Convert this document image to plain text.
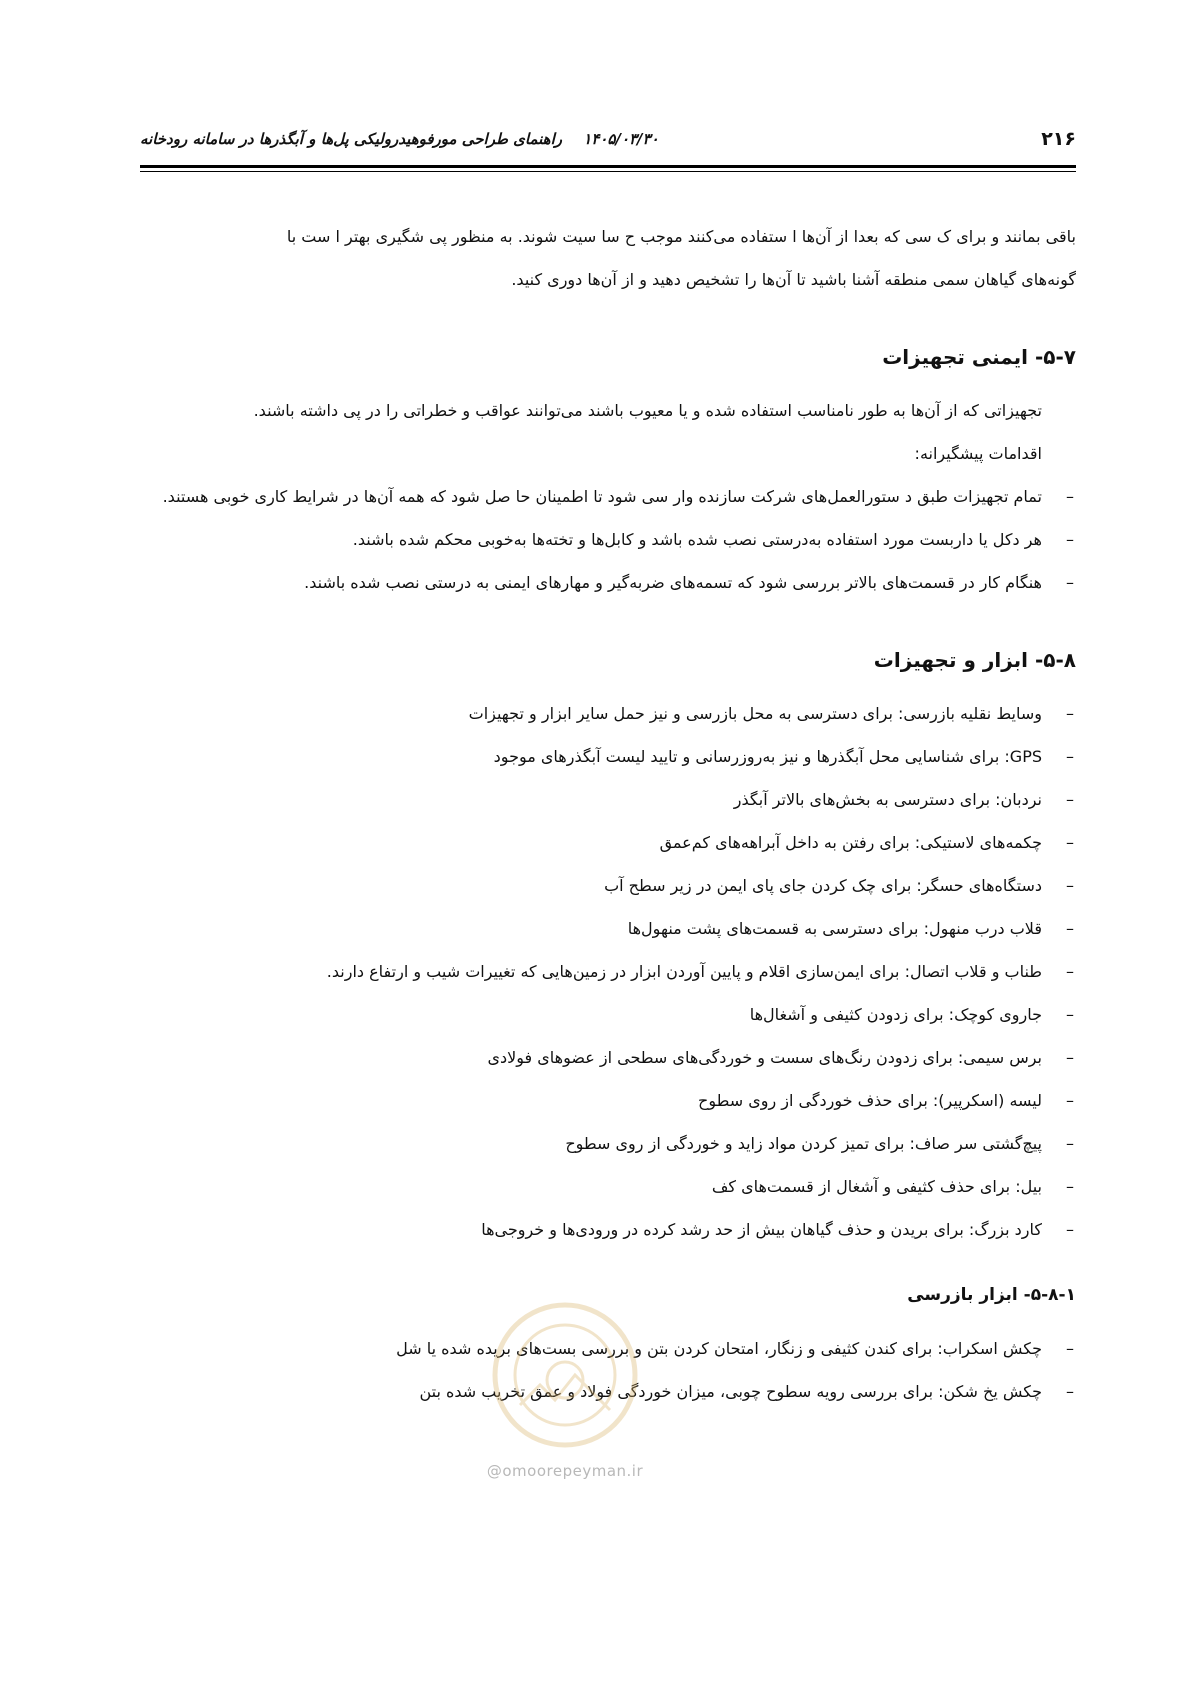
۲۱۶
۱۴۰۵/۰۳/۳۰ راهنمای طراحی مورفوهیدرولیکی پل‌ها و آبگذرها در سامانه رودخانه

باقی بمانند و برای ک سی که بعدا از آن‌ها ا ستفاده می‌کنند موجب ح سا سیت شوند. به منظور پی شگیری بهتر ا ست با

گونه‌های گیاهان سمی منطقه آشنا باشید تا آن‌ها را تشخیص دهید و از آن‌ها دوری کنید.

۵-۷- ایمنی تجهیزات

تجهیزاتی که از آن‌ها به طور نامناسب استفاده شده و یا معیوب باشند می‌توانند عواقب و خطراتی را در پی داشته باشند.

اقدامات پیشگیرانه:

–
تمام تجهیزات طبق د ستورالعمل‌های شرکت سازنده وار سی شود تا اطمینان حا صل شود که همه آن‌ها در شرایط کاری خوبی هستند.
–
هر دکل یا داربست مورد استفاده به‌درستی نصب شده باشد و کابل‌ها و تخته‌ها به‌خوبی محکم شده باشند.
–
هنگام کار در قسمت‌های بالاتر بررسی شود که تسمه‌های ضربه‌گیر و مهارهای ایمنی به درستی نصب شده باشند.
۵-۸- ابزار و تجهیزات
–
وسایط نقلیه بازرسی: برای دسترسی به محل بازرسی و نیز حمل سایر ابزار و تجهیزات
–
GPS: برای شناسایی محل آبگذرها و نیز به‌روزرسانی و تایید لیست آبگذرهای موجود
–
نردبان: برای دسترسی به بخش‌های بالاتر آبگذر
–
چکمه‌های لاستیکی: برای رفتن به داخل آبراهه‌های کم‌عمق
–
دستگاه‌های حسگر: برای چک کردن جای پای ایمن در زیر سطح آب
–
قلاب درب منهول: برای دسترسی به قسمت‌های پشت منهول‌ها
–
طناب و قلاب اتصال: برای ایمن‌سازی اقلام و پایین آوردن ابزار در زمین‌هایی که تغییرات شیب و ارتفاع دارند.
–
جاروی کوچک: برای زدودن کثیفی و آشغال‌ها
–
برس سیمی: برای زدودن رنگ‌های سست و خوردگی‌های سطحی از عضوهای فولادی
–
لیسه (اسکرپیر): برای حذف خوردگی از روی سطوح
–
پیچ‌گشتی سر صاف: برای تمیز کردن مواد زاید و خوردگی از روی سطوح
–
بیل: برای حذف کثیفی و آشغال از قسمت‌های کف
–
کارد بزرگ: برای بریدن و حذف گیاهان بیش از حد رشد کرده در ورودی‌ها و خروجی‌ها
۵-۸-۱- ابزار بازرسی
–
چکش اسکراب: برای کندن کثیفی و زنگار، امتحان کردن بتن و بررسی بست‌های بریده شده یا شل
–
چکش یخ شکن: برای بررسی رویه سطوح چوبی، میزان خوردگی فولاد و عمق تخریب شده بتن
@omoorepeyman.ir
